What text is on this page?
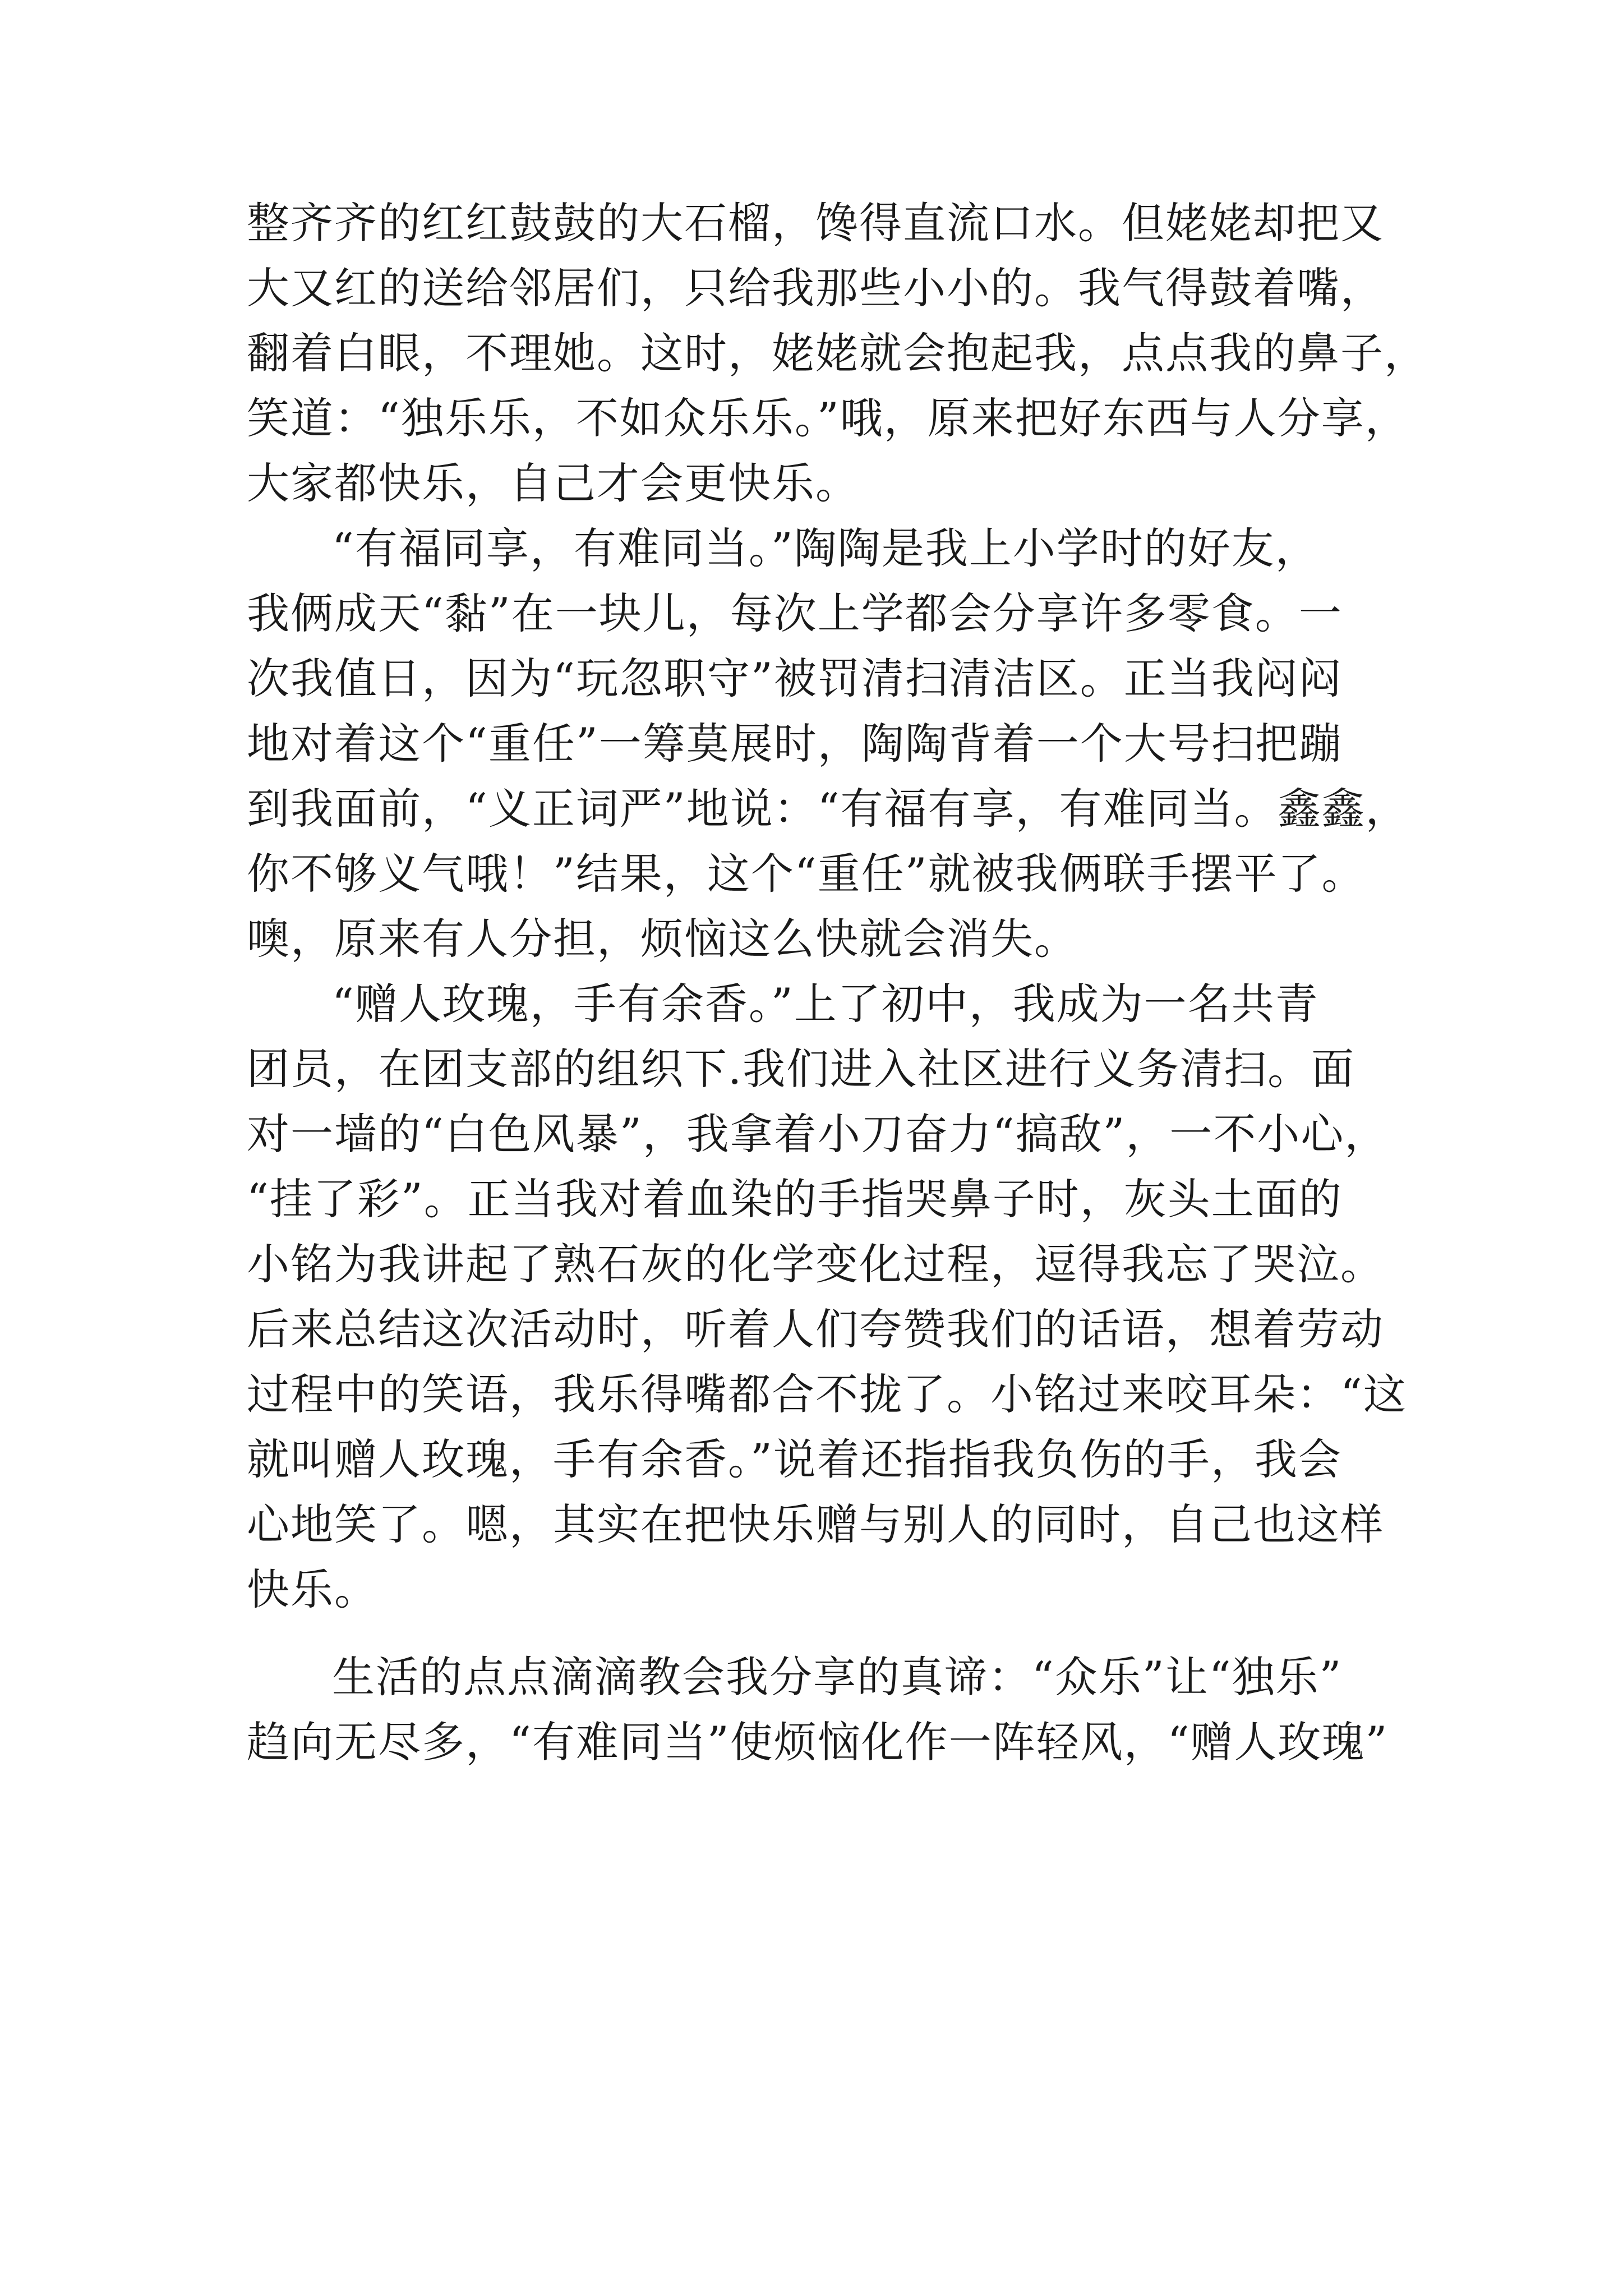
整齐齐的红红鼓鼓的大石榴，馋得直流口水。但姥姥却把又
大又红的送给邻居们，只给我那些小小的。我气得鼓着嘴，
翻着白眼，不理她。这时，姥姥就会抱起我，点点我的鼻子，
笑道：“独乐乐，不如众乐乐。”哦，原来把好东西与人分享，
大家都快乐，自己才会更快乐。
“有福同享，有难同当。”陶陶是我上小学时的好友，
我俩成天“黏”在一块儿，每次上学都会分享许多零食。一
次我值日，因为“玩忽职守”被罚清扫清洁区。正当我闷闷
地对着这个“重任”一筹莫展时，陶陶背着一个大号扫把蹦
到我面前，“义正词严”地说：“有福有享，有难同当。鑫鑫，
你不够义气哦！”结果，这个“重任”就被我俩联手摆平了。
噢，原来有人分担，烦恼这么快就会消失。
“赠人玫瑰，手有余香。”上了初中，我成为一名共青
团员，在团支部的组织下.我们进入社区进行义务清扫。面
对一墙的“白色风暴”，我拿着小刀奋力“搞敌”，一不小心，
“挂了彩”。正当我对着血染的手指哭鼻子时，灰头土面的
小铭为我讲起了熟石灰的化学变化过程，逗得我忘了哭泣。
后来总结这次活动时，听着人们夸赞我们的话语，想着劳动
过程中的笑语，我乐得嘴都合不拢了。小铭过来咬耳朵：“这
就叫赠人玫瑰，手有余香。”说着还指指我负伤的手，我会
心地笑了。嗯，其实在把快乐赠与别人的同时，自己也这样
快乐。
生活的点点滴滴教会我分享的真谛：“众乐”让“独乐”
趋向无尽多，“有难同当”使烦恼化作一阵轻风，“赠人玫瑰”
